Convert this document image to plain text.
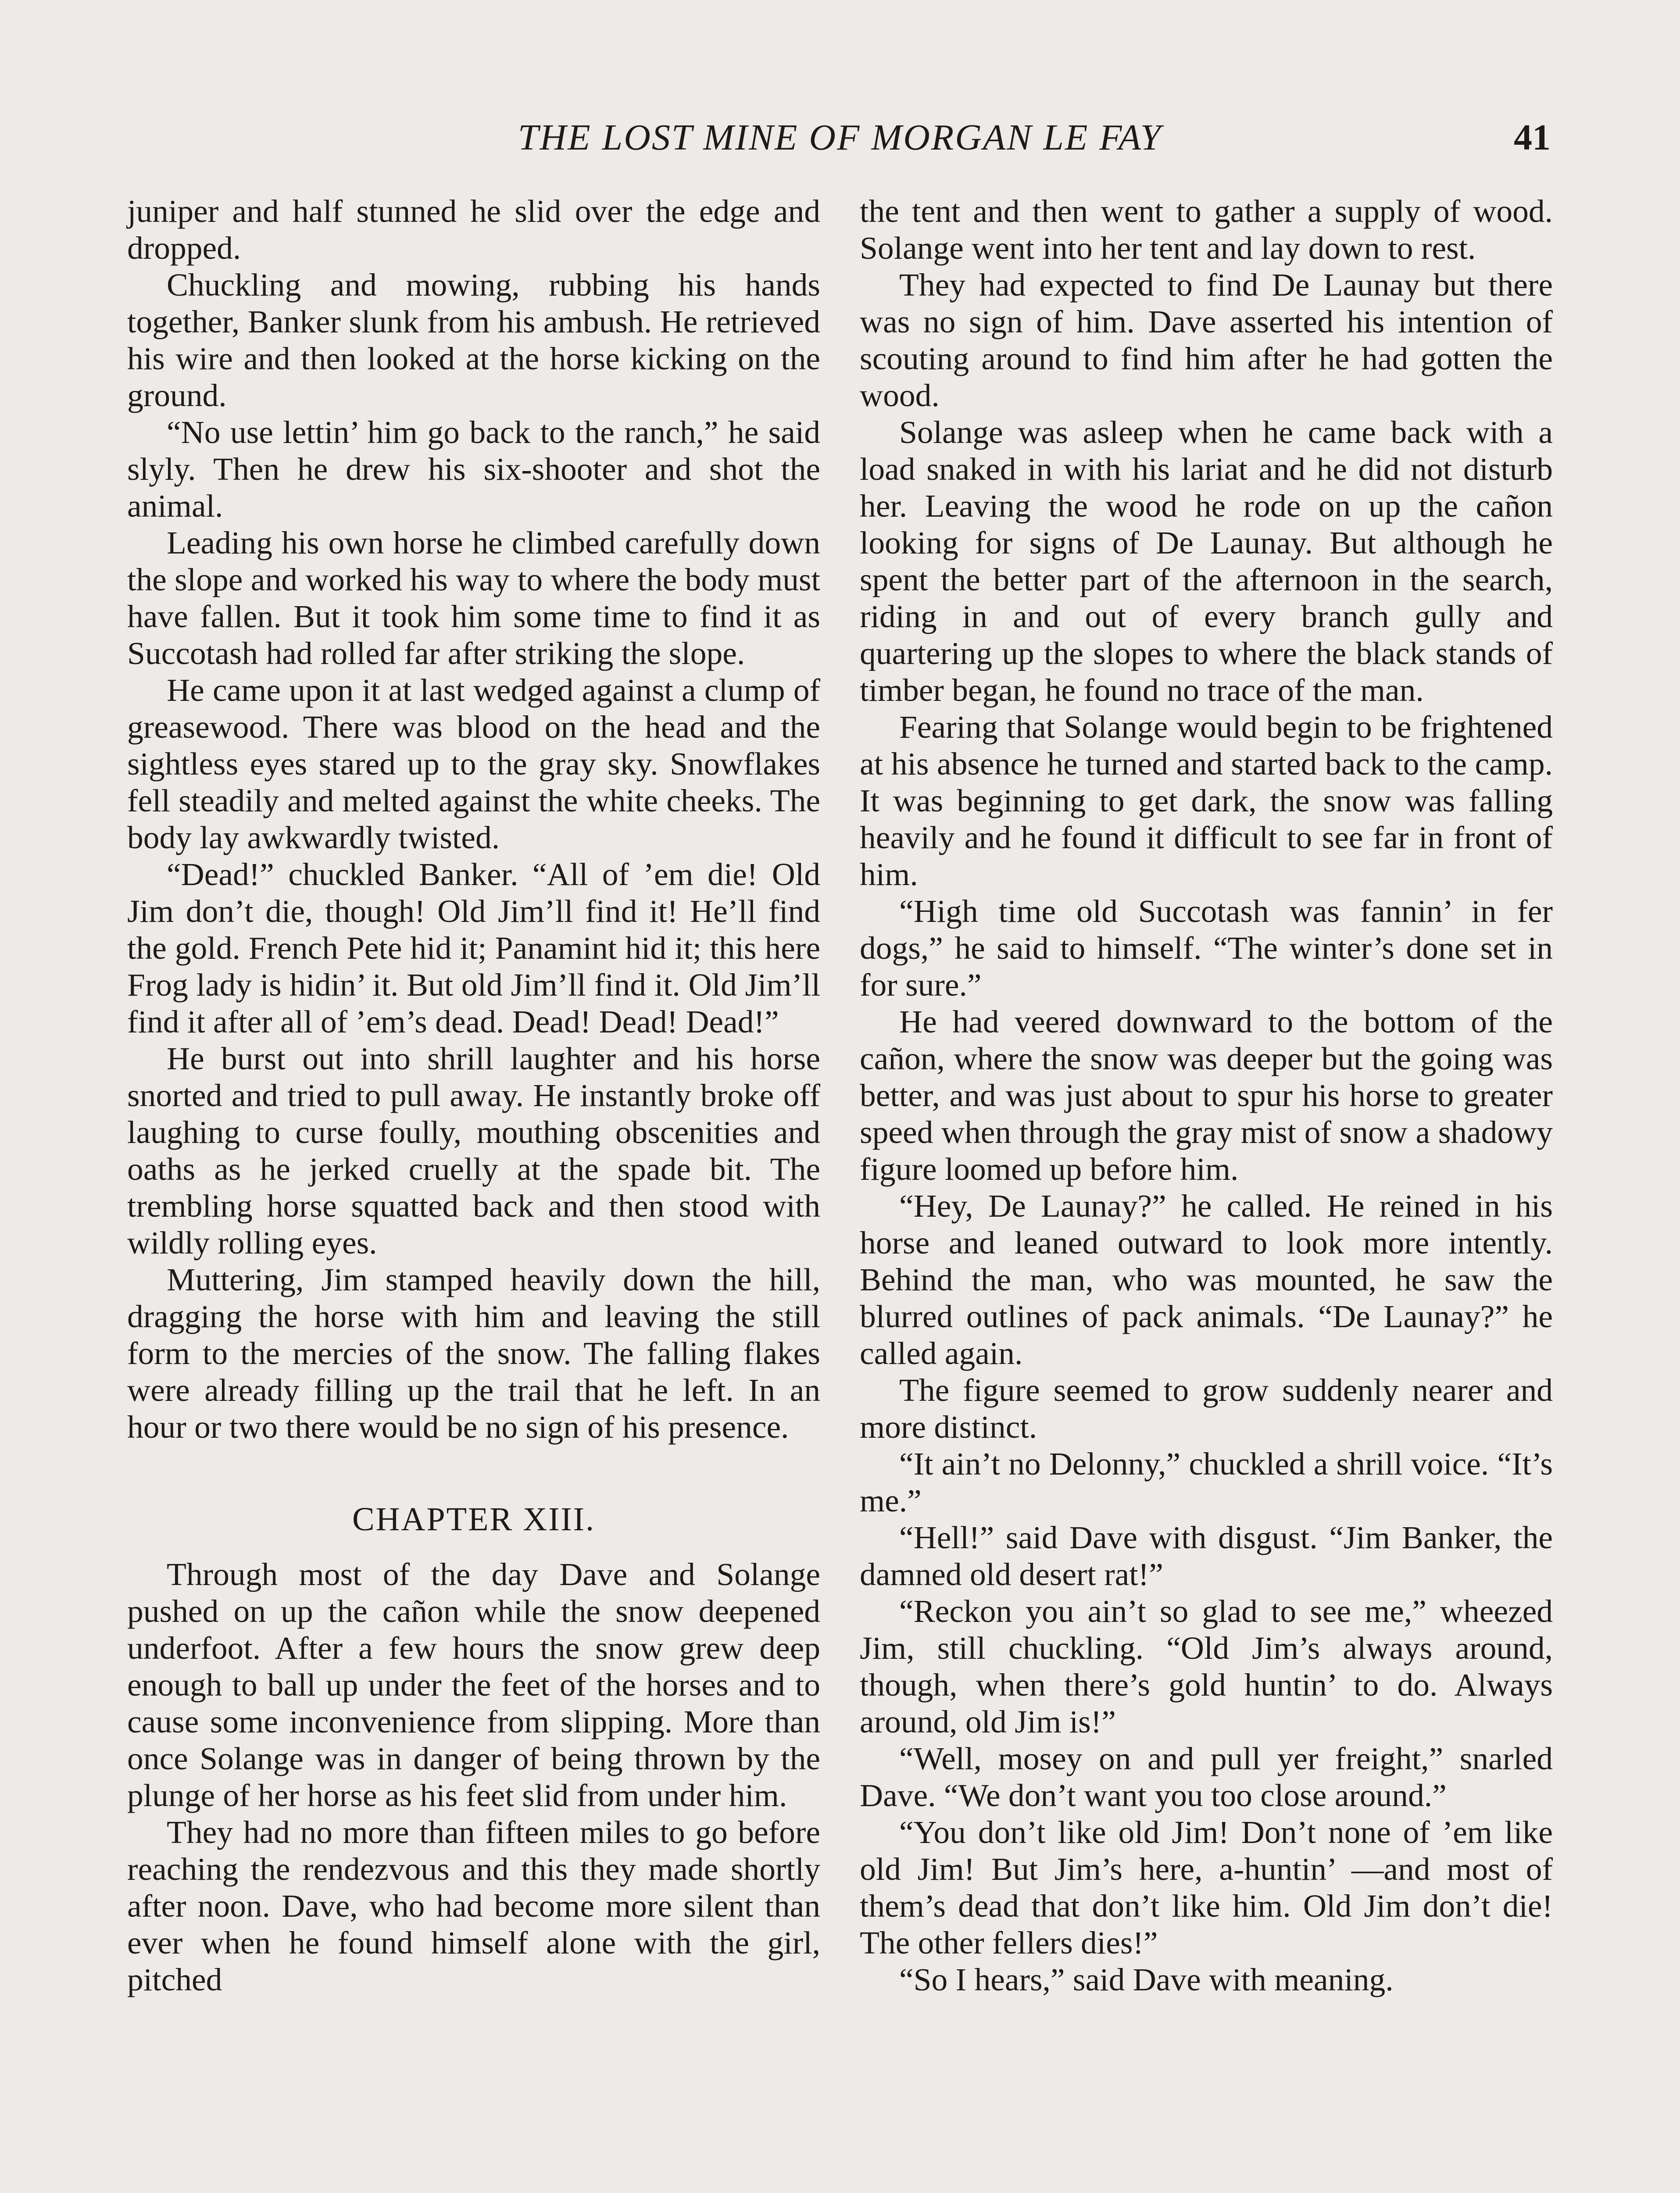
THE LOST MINE OF MORGAN LE FAY	41

juniper and half stunned he slid over the edge and dropped.

Chuckling and mowing, rubbing his hands together, Banker slunk from his ambush. He retrieved his wire and then looked at the horse kicking on the ground.

“No use lettin’ him go back to the ranch,” he said slyly. Then he drew his six-shooter and shot the animal.

Leading his own horse he climbed carefully down the slope and worked his way to where the body must have fallen. But it took him some time to find it as Succotash had rolled far after striking the slope.

He came upon it at last wedged against a clump of greasewood. There was blood on the head and the sightless eyes stared up to the gray sky. Snowflakes fell steadily and melted against the white cheeks. The body lay awkwardly twisted.

“Dead!” chuckled Banker. “All of ’em die! Old Jim don’t die, though! Old Jim’ll find it! He’ll find the gold. French Pete hid it; Panamint hid it; this here Frog lady is hidin’ it. But old Jim’ll find it. Old Jim’ll find it after all of ’em’s dead. Dead! Dead! Dead!”

He burst out into shrill laughter and his horse snorted and tried to pull away. He instantly broke off laughing to curse foully, mouthing obscenities and oaths as he jerked cruelly at the spade bit. The trembling horse squatted back and then stood with wildly rolling eyes.

Muttering, Jim stamped heavily down the hill, dragging the horse with him and leaving the still form to the mercies of the snow. The falling flakes were already filling up the trail that he left. In an hour or two there would be no sign of his presence.

CHAPTER XIII.

Through most of the day Dave and Solange pushed on up the cañon while the snow deepened underfoot. After a few hours the snow grew deep enough to ball up under the feet of the horses and to cause some inconvenience from slipping. More than once Solange was in danger of being thrown by the plunge of her horse as his feet slid from under him.

They had no more than fifteen miles to go before reaching the rendezvous and this they made shortly after noon. Dave, who had become more silent than ever when he found himself alone with the girl, pitched

the tent and then went to gather a supply of wood. Solange went into her tent and lay down to rest.

They had expected to find De Launay but there was no sign of him. Dave asserted his intention of scouting around to find him after he had gotten the wood.

Solange was asleep when he came back with a load snaked in with his lariat and he did not disturb her. Leaving the wood he rode on up the cañon looking for signs of De Launay. But although he spent the better part of the afternoon in the search, riding in and out of every branch gully and quartering up the slopes to where the black stands of timber began, he found no trace of the man.

Fearing that Solange would begin to be frightened at his absence he turned and started back to the camp. It was beginning to get dark, the snow was falling heavily and he found it difficult to see far in front of him.

“High time old Succotash was fannin’ in fer dogs,” he said to himself. “The winter’s done set in for sure.”

He had veered downward to the bottom of the cañon, where the snow was deeper but the going was better, and was just about to spur his horse to greater speed when through the gray mist of snow a shadowy figure loomed up before him.

“Hey, De Launay?” he called. He reined in his horse and leaned outward to look more intently. Behind the man, who was mounted, he saw the blurred outlines of pack animals. “De Launay?” he called again.

The figure seemed to grow suddenly nearer and more distinct.

“It ain’t no Delonny,” chuckled a shrill voice. “It’s me.”

“Hell!” said Dave with disgust. “Jim Banker, the damned old desert rat!”

“Reckon you ain’t so glad to see me,” wheezed Jim, still chuckling. “Old Jim’s always around, though, when there’s gold huntin’ to do. Always around, old Jim is!”

“Well, mosey on and pull yer freight,” snarled Dave. “We don’t want you too close around.”

“You don’t like old Jim! Don’t none of ’em like old Jim! But Jim’s here, a-huntin’ —and most of them’s dead that don’t like him. Old Jim don’t die! The other fellers dies!”

“So I hears,” said Dave with meaning.
